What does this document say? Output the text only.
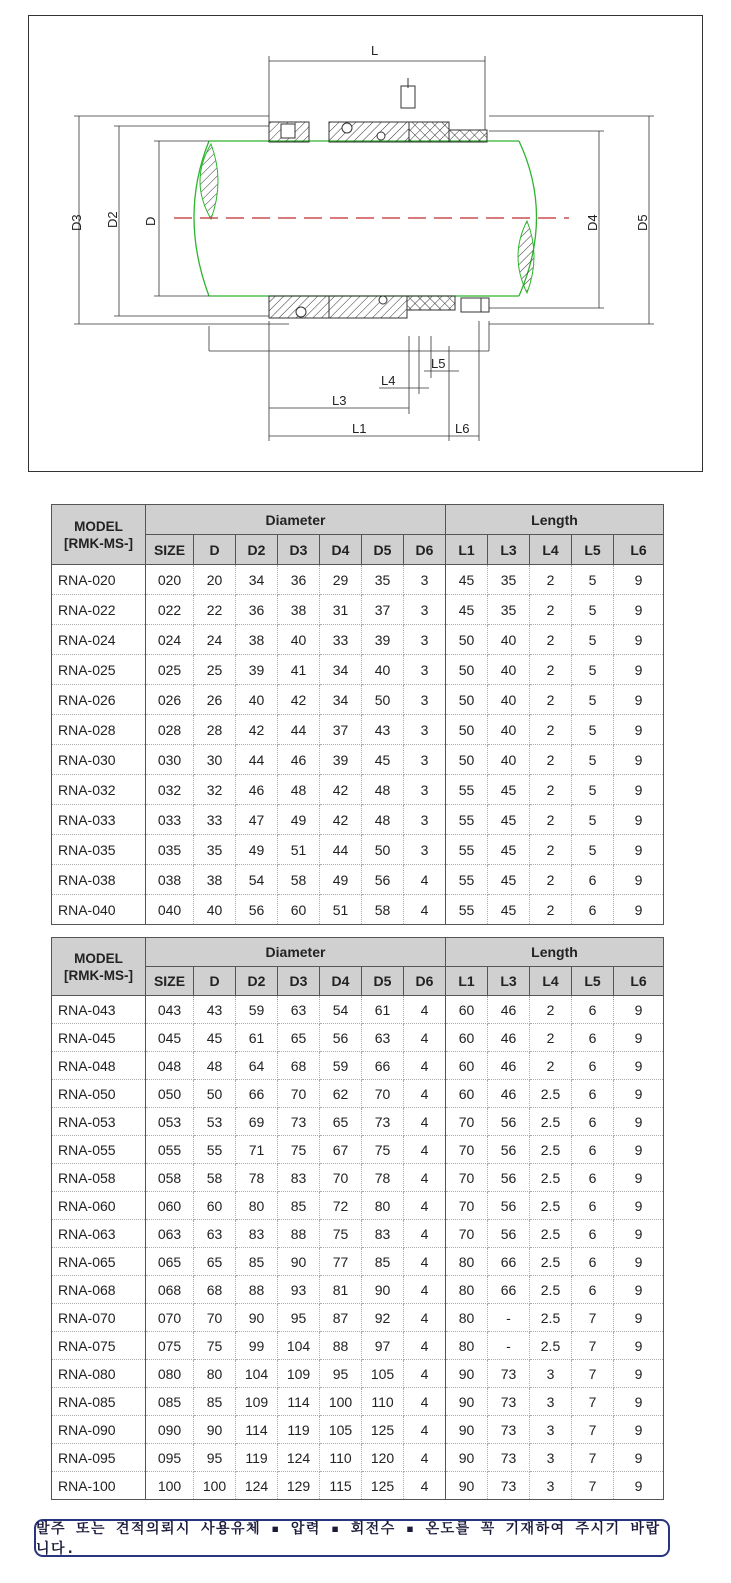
L
D3 D2 D	D4	D5
L5
L4
L3
L1	L6
MODEL
[RMK-MS-]	Diameter							Length				
	SIZE	D	D2	D3	D4	D5	D6	L1	L3	L4	L5	L6
RNA-020	020	20	34	36	29	35	3	45	35	2	5	9
RNA-022	022	22	36	38	31	37	3	45	35	2	5	9
RNA-024	024	24	38	40	33	39	3	50	40	2	5	9
RNA-025	025	25	39	41	34	40	3	50	40	2	5	9
RNA-026	026	26	40	42	34	50	3	50	40	2	5	9
RNA-028	028	28	42	44	37	43	3	50	40	2	5	9
RNA-030	030	30	44	46	39	45	3	50	40	2	5	9
RNA-032	032	32	46	48	42	48	3	55	45	2	5	9
RNA-033	033	33	47	49	42	48	3	55	45	2	5	9
RNA-035	035	35	49	51	44	50	3	55	45	2	5	9
RNA-038	038	38	54	58	49	56	4	55	45	2	6	9
RNA-040	040	40	56	60	51	58	4	55	45	2	6	9
MODEL
[RMK-MS-]	Diameter							Length				
	SIZE	D	D2	D3	D4	D5	D6	L1	L3	L4	L5	L6
RNA-043	043	43	59	63	54	61	4	60	46	2	6	9
RNA-045	045	45	61	65	56	63	4	60	46	2	6	9
RNA-048	048	48	64	68	59	66	4	60	46	2	6	9
RNA-050	050	50	66	70	62	70	4	60	46	2.5	6	9
RNA-053	053	53	69	73	65	73	4	70	56	2.5	6	9
RNA-055	055	55	71	75	67	75	4	70	56	2.5	6	9
RNA-058	058	58	78	83	70	78	4	70	56	2.5	6	9
RNA-060	060	60	80	85	72	80	4	70	56	2.5	6	9
RNA-063	063	63	83	88	75	83	4	70	56	2.5	6	9
RNA-065	065	65	85	90	77	85	4	80	66	2.5	6	9
RNA-068	068	68	88	93	81	90	4	80	66	2.5	6	9
RNA-070	070	70	90	95	87	92	4	80	-	2.5	7	9
RNA-075	075	75	99	104	88	97	4	80	-	2.5	7	9
RNA-080	080	80	104	109	95	105	4	90	73	3	7	9
RNA-085	085	85	109	114	100	110	4	90	73	3	7	9
RNA-090	090	90	114	119	105	125	4	90	73	3	7	9
RNA-095	095	95	119	124	110	120	4	90	73	3	7	9
RNA-100	100	100	124	129	115	125	4	90	73	3	7	9
발주 또는 견적의뢰시 사용유체 ▪ 압력 ▪ 회전수 ▪ 온도를 꼭 기재하여 주시기 바랍니다.
